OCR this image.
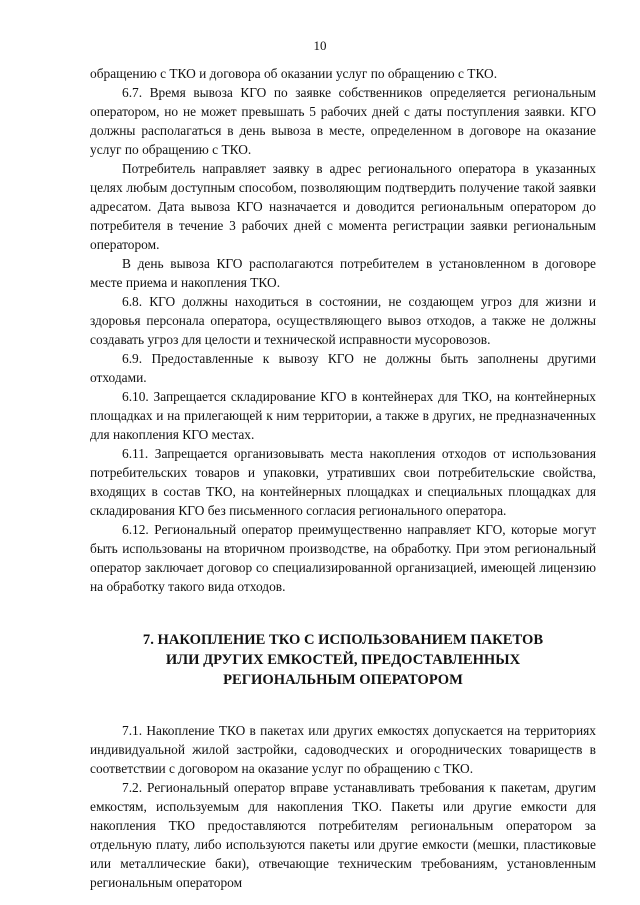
10

обращению с ТКО и договора об оказании услуг по обращению с ТКО.

6.7. Время вывоза КГО по заявке собственников определяется региональным оператором, но не может превышать 5 рабочих дней с даты поступления заявки. КГО должны располагаться в день вывоза в месте, определенном в договоре на оказание услуг по обращению с ТКО.

Потребитель направляет заявку в адрес регионального оператора в указанных целях любым доступным способом, позволяющим подтвердить получение такой заявки адресатом. Дата вывоза КГО назначается и доводится региональным оператором до потребителя в течение 3 рабочих дней с момента регистрации заявки региональным оператором.

В день вывоза КГО располагаются потребителем в установленном в договоре месте приема и накопления ТКО.

6.8. КГО должны находиться в состоянии, не создающем угроз для жизни и здоровья персонала оператора, осуществляющего вывоз отходов, а также не должны создавать угроз для целости и технической исправности мусоровозов.

6.9. Предоставленные к вывозу КГО не должны быть заполнены другими отходами.

6.10. Запрещается складирование КГО в контейнерах для ТКО, на контейнерных площадках и на прилегающей к ним территории, а также в других, не предназначенных для накопления КГО местах.

6.11. Запрещается организовывать места накопления отходов от использования потребительских товаров и упаковки, утративших свои потребительские свойства, входящих в состав ТКО, на контейнерных площадках и специальных площадках для складирования КГО без письменного согласия регионального оператора.

6.12. Региональный оператор преимущественно направляет КГО, которые могут быть использованы на вторичном производстве, на обработку. При этом региональный оператор заключает договор со специализированной организацией, имеющей лицензию на обработку такого вида отходов.

7. НАКОПЛЕНИЕ ТКО С ИСПОЛЬЗОВАНИЕМ ПАКЕТОВ
ИЛИ ДРУГИХ ЕМКОСТЕЙ, ПРЕДОСТАВЛЕННЫХ
РЕГИОНАЛЬНЫМ ОПЕРАТОРОМ

7.1. Накопление ТКО в пакетах или других емкостях допускается на территориях индивидуальной жилой застройки, садоводческих и огороднических товариществ в соответствии с договором на оказание услуг по обращению с ТКО.

7.2. Региональный оператор вправе устанавливать требования к пакетам, другим емкостям, используемым для накопления ТКО. Пакеты или другие емкости для накопления ТКО предоставляются потребителям региональным оператором за отдельную плату, либо используются пакеты или другие емкости (мешки, пластиковые или металлические баки), отвечающие техническим требованиям, установленным региональным оператором
